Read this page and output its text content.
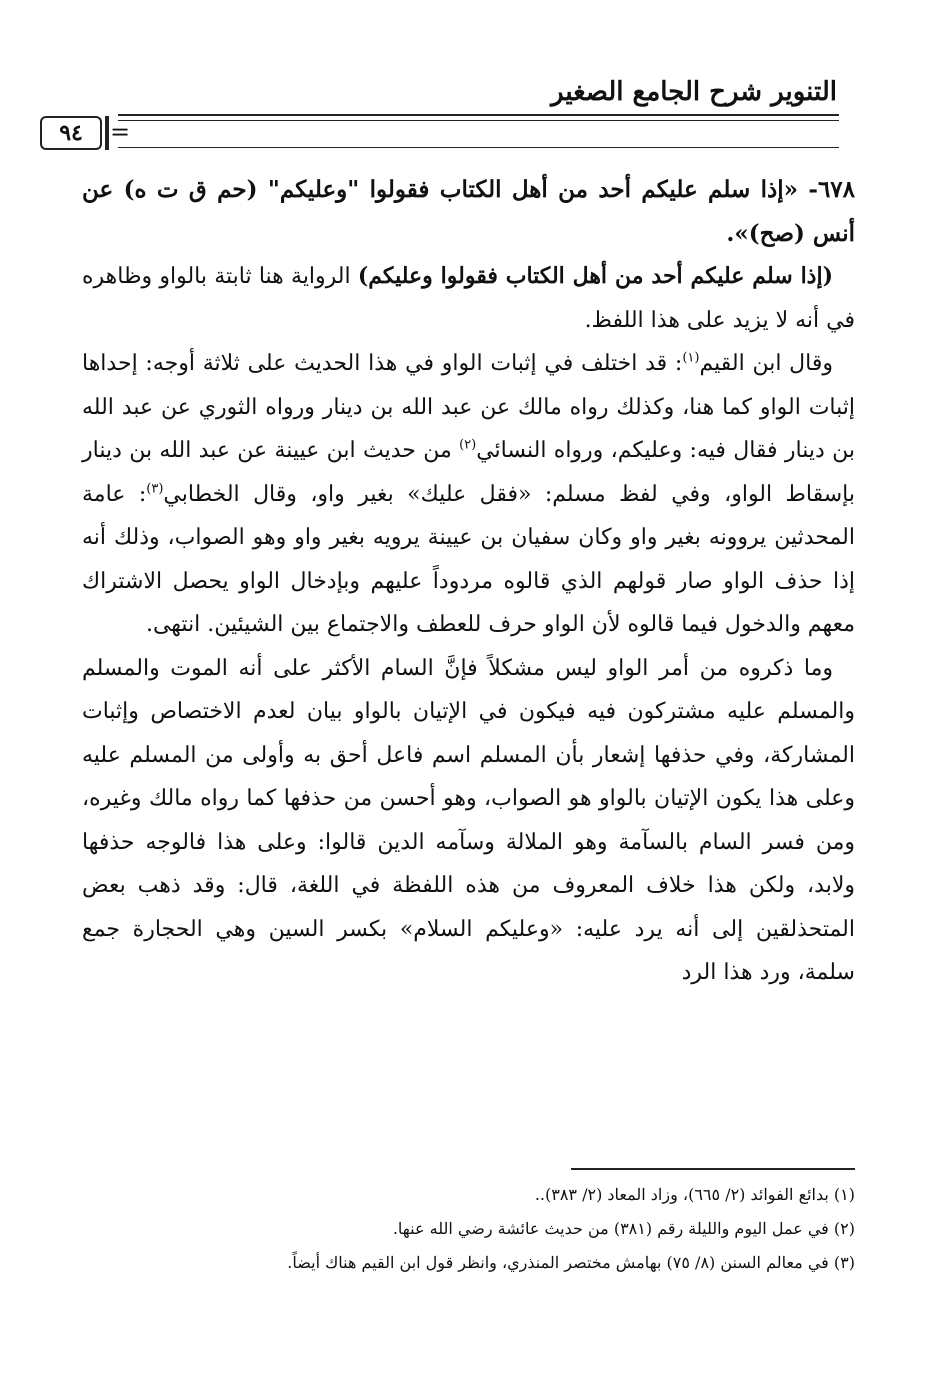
التنوير شرح الجامع الصغير
=
٩٤

٦٧٨- «إذا سلم عليكم أحد من أهل الكتاب فقولوا "وعليكم" (حم ق ت ه) عن أنس (صح)».

(إذا سلم عليكم أحد من أهل الكتاب فقولوا وعليكم) الرواية هنا ثابتة بالواو وظاهره في أنه لا يزيد على هذا اللفظ.

وقال ابن القيم$^{(١)}$: قد اختلف في إثبات الواو في هذا الحديث على ثلاثة أوجه: إحداها إثبات الواو كما هنا، وكذلك رواه مالك عن عبد الله بن دينار ورواه الثوري عن عبد الله بن دينار فقال فيه: وعليكم، ورواه النسائي$^{(٢)}$ من حديث ابن عيينة عن عبد الله بن دينار بإسقاط الواو، وفي لفظ مسلم: «فقل عليك» بغير واو، وقال الخطابي$^{(٣)}$: عامة المحدثين يروونه بغير واو وكان سفيان بن عيينة يرويه بغير واو وهو الصواب، وذلك أنه إذا حذف الواو صار قولهم الذي قالوه مردوداً عليهم وبإدخال الواو يحصل الاشتراك معهم والدخول فيما قالوه لأن الواو حرف للعطف والاجتماع بين الشيئين. انتهى.

وما ذكروه من أمر الواو ليس مشكلاً فإنَّ السام الأكثر على أنه الموت والمسلم والمسلم عليه مشتركون فيه فيكون في الإتيان بالواو بيان لعدم الاختصاص وإثبات المشاركة، وفي حذفها إشعار بأن المسلم اسم فاعل أحق به وأولى من المسلم عليه وعلى هذا يكون الإتيان بالواو هو الصواب، وهو أحسن من حذفها كما رواه مالك وغيره، ومن فسر السام بالسآمة وهو الملالة وسآمه الدين قالوا: وعلى هذا فالوجه حذفها ولابد، ولكن هذا خلاف المعروف من هذه اللفظة في اللغة، قال: وقد ذهب بعض المتحذلقين إلى أنه يرد عليه: «وعليكم السلام» بكسر السين وهي الحجارة جمع سلمة، ورد هذا الرد

(١) بدائع الفوائد (٢/ ٦٦٥)، وزاد المعاد (٢/ ٣٨٣)..

(٢) في عمل اليوم والليلة رقم (٣٨١) من حديث عائشة رضي الله عنها.

(٣) في معالم السنن (٨/ ٧٥) بهامش مختصر المنذري، وانظر قول ابن القيم هناك أيضاً.
